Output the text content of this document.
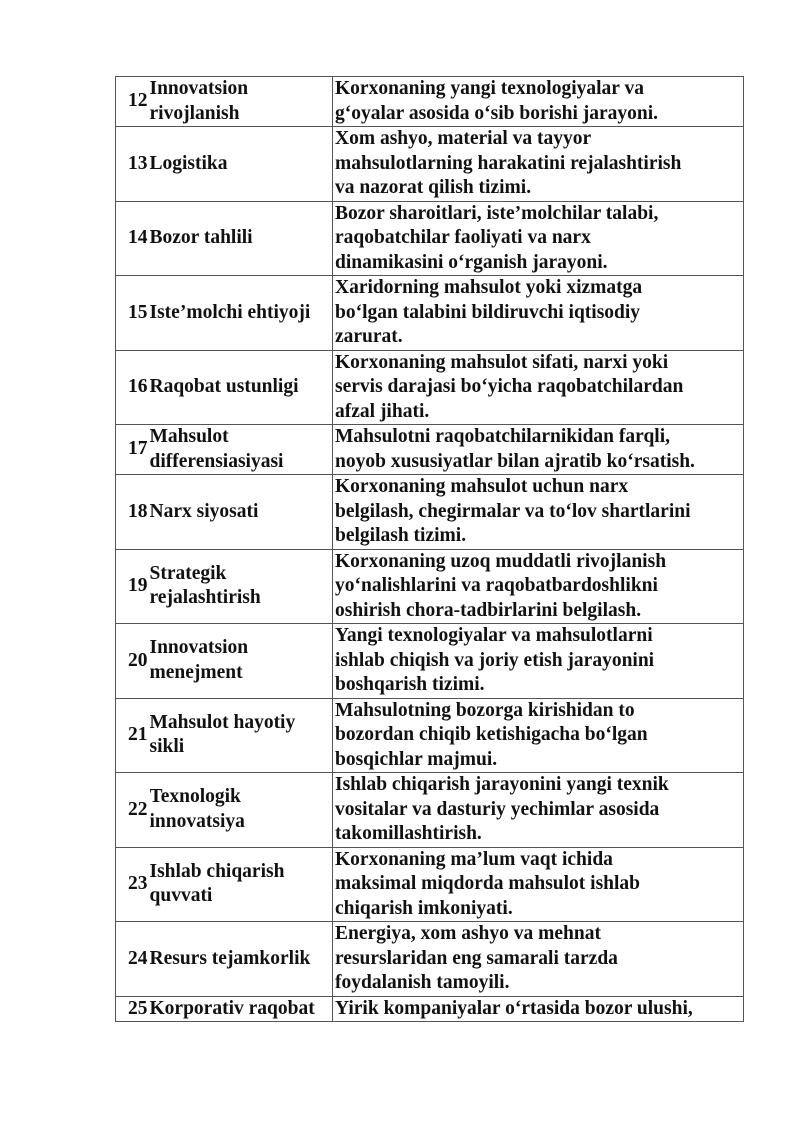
12	Innovatsion
rivojlanish	Korxonaning yangi texnologiyalar va
g‘oyalar asosida o‘sib borishi jarayoni.

13	Logistika	Xom ashyo, material va tayyor
mahsulotlarning harakatini rejalashtirish
va nazorat qilish tizimi.

14	Bozor tahlili	Bozor sharoitlari, iste’molchilar talabi,
raqobatchilar faoliyati va narx
dinamikasini o‘rganish jarayoni.

15	Iste’molchi ehtiyoji	Xaridorning mahsulot yoki xizmatga
bo‘lgan talabini bildiruvchi iqtisodiy
zarurat.

16	Raqobat ustunligi	Korxonaning mahsulot sifati, narxi yoki
servis darajasi bo‘yicha raqobatchilardan
afzal jihati.

17	Mahsulot
differensiasiyasi	Mahsulotni raqobatchilarnikidan farqli,
noyob xususiyatlar bilan ajratib ko‘rsatish.

18	Narx siyosati	Korxonaning mahsulot uchun narx
belgilash, chegirmalar va to‘lov shartlarini
belgilash tizimi.

19	Strategik
rejalashtirish	Korxonaning uzoq muddatli rivojlanish
yo‘nalishlarini va raqobatbardoshlikni
oshirish chora-tadbirlarini belgilash.

20	Innovatsion
menejment	Yangi texnologiyalar va mahsulotlarni
ishlab chiqish va joriy etish jarayonini
boshqarish tizimi.

21	Mahsulot hayotiy
sikli	Mahsulotning bozorga kirishidan to
bozordan chiqib ketishigacha bo‘lgan
bosqichlar majmui.

22	Texnologik
innovatsiya	Ishlab chiqarish jarayonini yangi texnik
vositalar va dasturiy yechimlar asosida
takomillashtirish.

23	Ishlab chiqarish
quvvati	Korxonaning ma’lum vaqt ichida
maksimal miqdorda mahsulot ishlab
chiqarish imkoniyati.

24	Resurs tejamkorlik	Energiya, xom ashyo va mehnat
resurslaridan eng samarali tarzda
foydalanish tamoyili.

25	Korporativ raqobat	Yirik kompaniyalar o‘rtasida bozor ulushi,
